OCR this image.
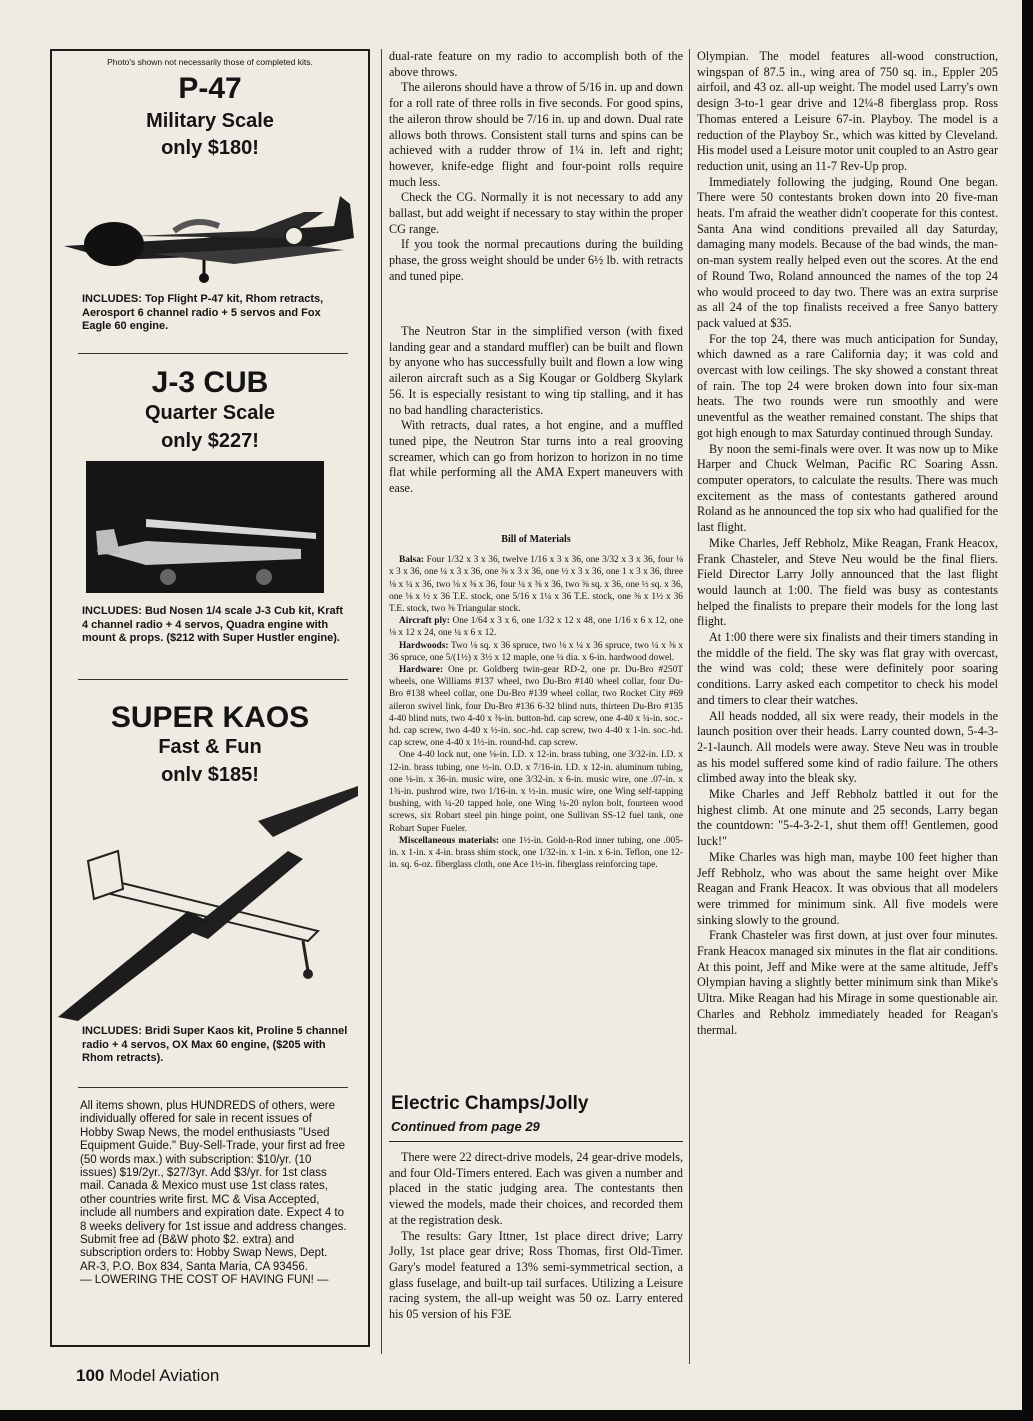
Photo's shown not necessarily those of completed kits.
P-47
Military Scale
only $180!
INCLUDES: Top Flight P-47 kit, Rhom retracts, Aerosport 6 channel radio + 5 servos and Fox Eagle 60 engine.
J-3 CUB
Quarter Scale
only $227!
INCLUDES: Bud Nosen 1/4 scale J-3 Cub kit, Kraft 4 channel radio + 4 servos, Quadra engine with mount & props. ($212 with Super Hustler engine).
SUPER KAOS
Fast & Fun
only $185!
INCLUDES: Bridi Super Kaos kit, Proline 5 channel radio + 4 servos, OX Max 60 engine, ($205 with Rhom retracts).
All items shown, plus HUNDREDS of others, were individually offered for sale in recent issues of Hobby Swap News, the model enthusiasts "Used Equipment Guide." Buy-Sell-Trade, your first ad free (50 words max.) with subscription: $10/yr. (10 issues) $19/2yr., $27/3yr. Add $3/yr. for 1st class mail. Canada & Mexico must use 1st class rates, other countries write first. MC & Visa Accepted, include all numbers and expiration date. Expect 4 to 8 weeks delivery for 1st issue and address changes. Submit free ad (B&W photo $2. extra) and subscription orders to: Hobby Swap News, Dept. AR-3, P.O. Box 834, Santa Maria, CA 93456.
— LOWERING THE COST OF HAVING FUN! —

dual-rate feature on my radio to accomplish both of the above throws.

The ailerons should have a throw of 5/16 in. up and down for a roll rate of three rolls in five seconds. For good spins, the aileron throw should be 7/16 in. up and down. Dual rate allows both throws. Consistent stall turns and spins can be achieved with a rudder throw of 1¼ in. left and right; however, knife-edge flight and four-point rolls require much less.

Check the CG. Normally it is not necessary to add any ballast, but add weight if necessary to stay within the proper CG range.

If you took the normal precautions during the building phase, the gross weight should be under 6½ lb. with retracts and tuned pipe.

The Neutron Star in the simplified verson (with fixed landing gear and a standard muffler) can be built and flown by anyone who has successfully built and flown a low wing aileron aircraft such as a Sig Kougar or Goldberg Skylark 56. It is especially resistant to wing tip stalling, and it has no bad handling characteristics.

With retracts, dual rates, a hot engine, and a muffled tuned pipe, the Neutron Star turns into a real grooving screamer, which can go from horizon to horizon in no time flat while performing all the AMA Expert maneuvers with ease.

Bill of Materials

Balsa: Four 1/32 x 3 x 36, twelve 1/16 x 3 x 36, one 3/32 x 3 x 36, four ⅛ x 3 x 36, one ¼ x 3 x 36, one ⅜ x 3 x 36, one ½ x 3 x 36, one 1 x 3 x 36, three ⅛ x ¼ x 36, two ⅛ x ⅜ x 36, four ¼ x ⅜ x 36, two ⅜ sq. x 36, one ½ sq. x 36, one ⅛ x ½ x 36 T.E. stock, one 5/16 x 1¼ x 36 T.E. stock, one ⅜ x 1½ x 36 T.E. stock, two ⅜ Triangular stock.

Aircraft ply: One 1/64 x 3 x 6, one 1/32 x 12 x 48, one 1/16 x 6 x 12, one ⅛ x 12 x 24, one ¼ x 6 x 12.

Hardwoods: Two ⅛ sq. x 36 spruce, two ⅛ x ¼ x 36 spruce, two ¼ x ⅜ x 36 spruce, one 5/(1½) x 3½ x 12 maple, one ¼ dia. x 6-in. hardwood dowel.

Hardware: One pr. Goldberg twin-gear RD-2, one pr. Du-Bro #250T wheels, one Williams #137 wheel, two Du-Bro #140 wheel collar, four Du-Bro #138 wheel collar, one Du-Bro #139 wheel collar, two Rocket City #69 aileron swivel link, four Du-Bro #136 6-32 blind nuts, thirteen Du-Bro #135 4-40 blind nuts, two 4-40 x ⅜-in. button-hd. cap screw, one 4-40 x ¼-in. soc.-hd. cap screw, two 4-40 x ½-in. soc.-hd. cap screw, two 4-40 x 1-in. soc.-hd. cap screw, one 4-40 x 1½-in. round-hd. cap screw.

One 4-40 lock nut, one ⅛-in. I.D. x 12-in. brass tubing, one 3/32-in. I.D. x 12-in. brass tubing, one ½-in. O.D. x 7/16-in. I.D. x 12-in. aluminum tubing, one ⅛-in. x 36-in. music wire, one 3/32-in. x 6-in. music wire, one .07-in. x 1¾-in. pushrod wire, two 1/16-in. x ½-in. music wire, one Wing self-tapping bushing, with ¼-20 tapped hole, one Wing ¼-20 nylon bolt, fourteen wood screws, six Robart steel pin hinge point, one Sullivan SS-12 fuel tank, one Robart Super Fueler.

Miscellaneous materials: one 1½-in. Gold-n-Rod inner tubing, one .005-in. x 1-in. x 4-in. brass shim stock, one 1/32-in. x 1-in. x 6-in. Teflon, one 12-in. sq. 6-oz. fiberglass cloth, one Ace 1½-in. fiberglass reinforcing tape.

Electric Champs/Jolly
Continued from page 29

There were 22 direct-drive models, 24 gear-drive models, and four Old-Timers entered. Each was given a number and placed in the static judging area. The contestants then viewed the models, made their choices, and recorded them at the registration desk.

The results: Gary Ittner, 1st place direct drive; Larry Jolly, 1st place gear drive; Ross Thomas, first Old-Timer. Gary's model featured a 13% semi-symmetrical section, a glass fuselage, and built-up tail surfaces. Utilizing a Leisure racing system, the all-up weight was 50 oz. Larry entered his 05 version of his F3E

Olympian. The model features all-wood construction, wingspan of 87.5 in., wing area of 750 sq. in., Eppler 205 airfoil, and 43 oz. all-up weight. The model used Larry's own design 3-to-1 gear drive and 12¼-8 fiberglass prop. Ross Thomas entered a Leisure 67-in. Playboy. The model is a reduction of the Playboy Sr., which was kitted by Cleveland. His model used a Leisure motor unit coupled to an Astro gear reduction unit, using an 11-7 Rev-Up prop.

Immediately following the judging, Round One began. There were 50 contestants broken down into 20 five-man heats. I'm afraid the weather didn't cooperate for this contest. Santa Ana wind conditions prevailed all day Saturday, damaging many models. Because of the bad winds, the man-on-man system really helped even out the scores. At the end of Round Two, Roland announced the names of the top 24 who would proceed to day two. There was an extra surprise as all 24 of the top finalists received a free Sanyo battery pack valued at $35.

For the top 24, there was much anticipation for Sunday, which dawned as a rare California day; it was cold and overcast with low ceilings. The sky showed a constant threat of rain. The top 24 were broken down into four six-man heats. The two rounds were run smoothly and were uneventful as the weather remained constant. The ships that got high enough to max Saturday continued through Sunday.

By noon the semi-finals were over. It was now up to Mike Harper and Chuck Welman, Pacific RC Soaring Assn. computer operators, to calculate the results. There was much excitement as the mass of contestants gathered around Roland as he announced the top six who had qualified for the last flight.

Mike Charles, Jeff Rebholz, Mike Reagan, Frank Heacox, Frank Chasteler, and Steve Neu would be the final fliers. Field Director Larry Jolly announced that the last flight would launch at 1:00. The field was busy as contestants helped the finalists to prepare their models for the long last flight.

At 1:00 there were six finalists and their timers standing in the middle of the field. The sky was flat gray with overcast, the wind was cold; these were definitely poor soaring conditions. Larry asked each competitor to check his model and timers to clear their watches.

All heads nodded, all six were ready, their models in the launch position over their heads. Larry counted down, 5-4-3-2-1-launch. All models were away. Steve Neu was in trouble as his model suffered some kind of radio failure. The others climbed away into the bleak sky.

Mike Charles and Jeff Rebholz battled it out for the highest climb. At one minute and 25 seconds, Larry began the countdown: "5-4-3-2-1, shut them off! Gentlemen, good luck!"

Mike Charles was high man, maybe 100 feet higher than Jeff Rebholz, who was about the same height over Mike Reagan and Frank Heacox. It was obvious that all modelers were trimmed for minimum sink. All five models were sinking slowly to the ground.

Frank Chasteler was first down, at just over four minutes. Frank Heacox managed six minutes in the flat air conditions. At this point, Jeff and Mike were at the same altitude, Jeff's Olympian having a slightly better minimum sink than Mike's Ultra. Mike Reagan had his Mirage in some questionable air. Charles and Rebholz immediately headed for Reagan's thermal.

100 Model Aviation
